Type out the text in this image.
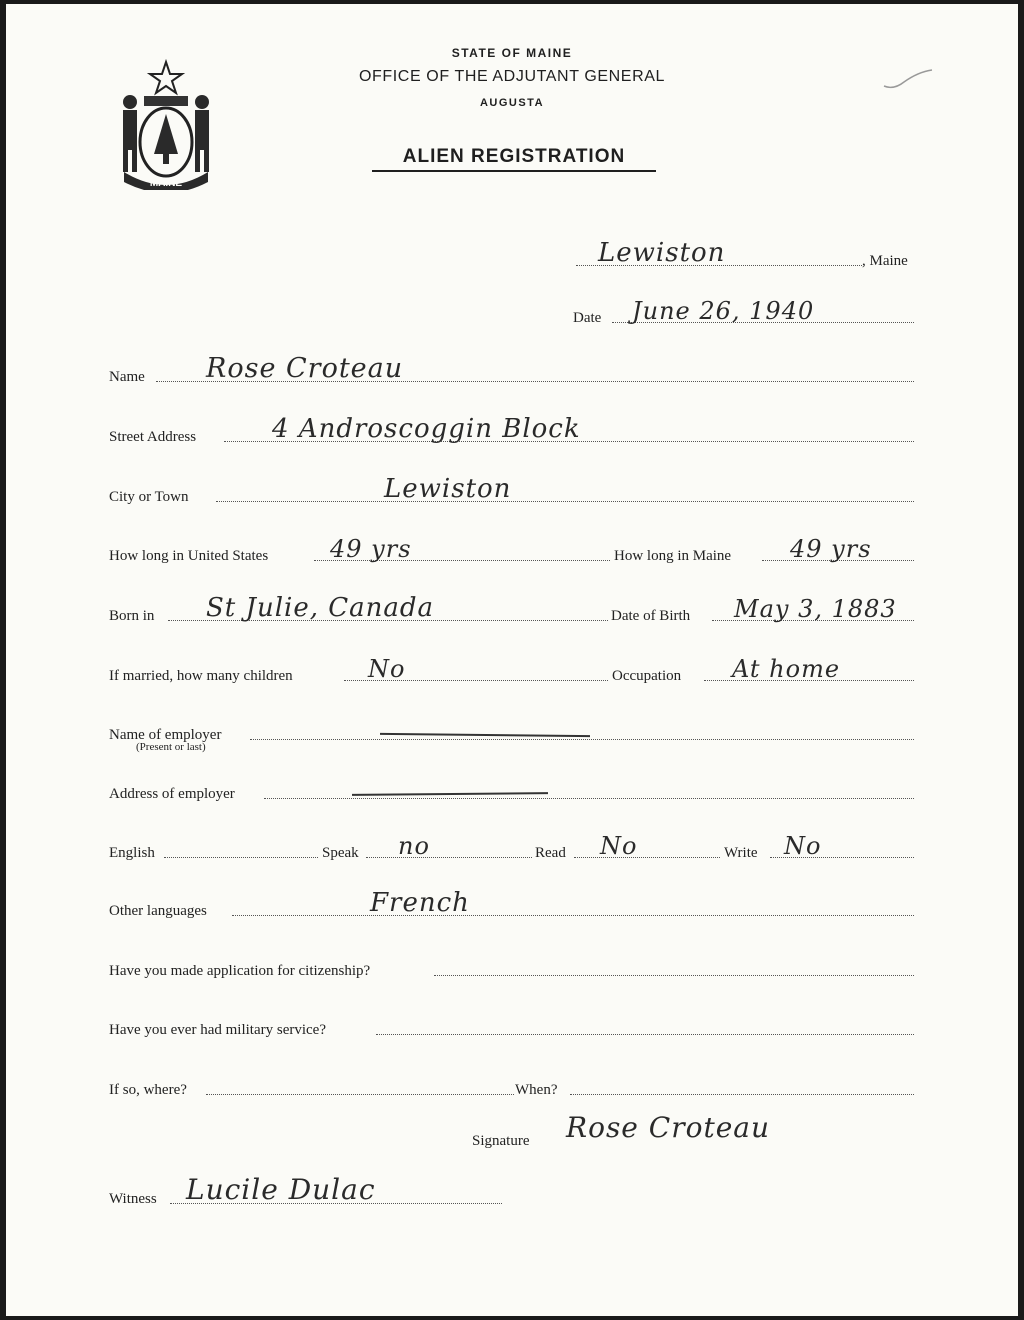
MAINE
STATE OF MAINE
OFFICE OF THE ADJUTANT GENERAL
AUGUSTA
ALIEN REGISTRATION
Lewiston	, Maine
Date June 26, 1940
Name Rose Croteau
Street Address	4 Androscoggin Block
City or Town	Lewiston
How long in United States	49 yrs	How long in Maine 49 yrs
Born in St Julie, Canada	Date of Birth May 3, 1883
If married, how many children	No	Occupation At home
Name of employer
(Present or last)
Address of employer
English	Speak no	Read No	Write No
Other languages	French
Have you made application for citizenship?
Have you ever had military service?
If so, where?	When?
Signature Rose Croteau
Witness Lucile Dulac
